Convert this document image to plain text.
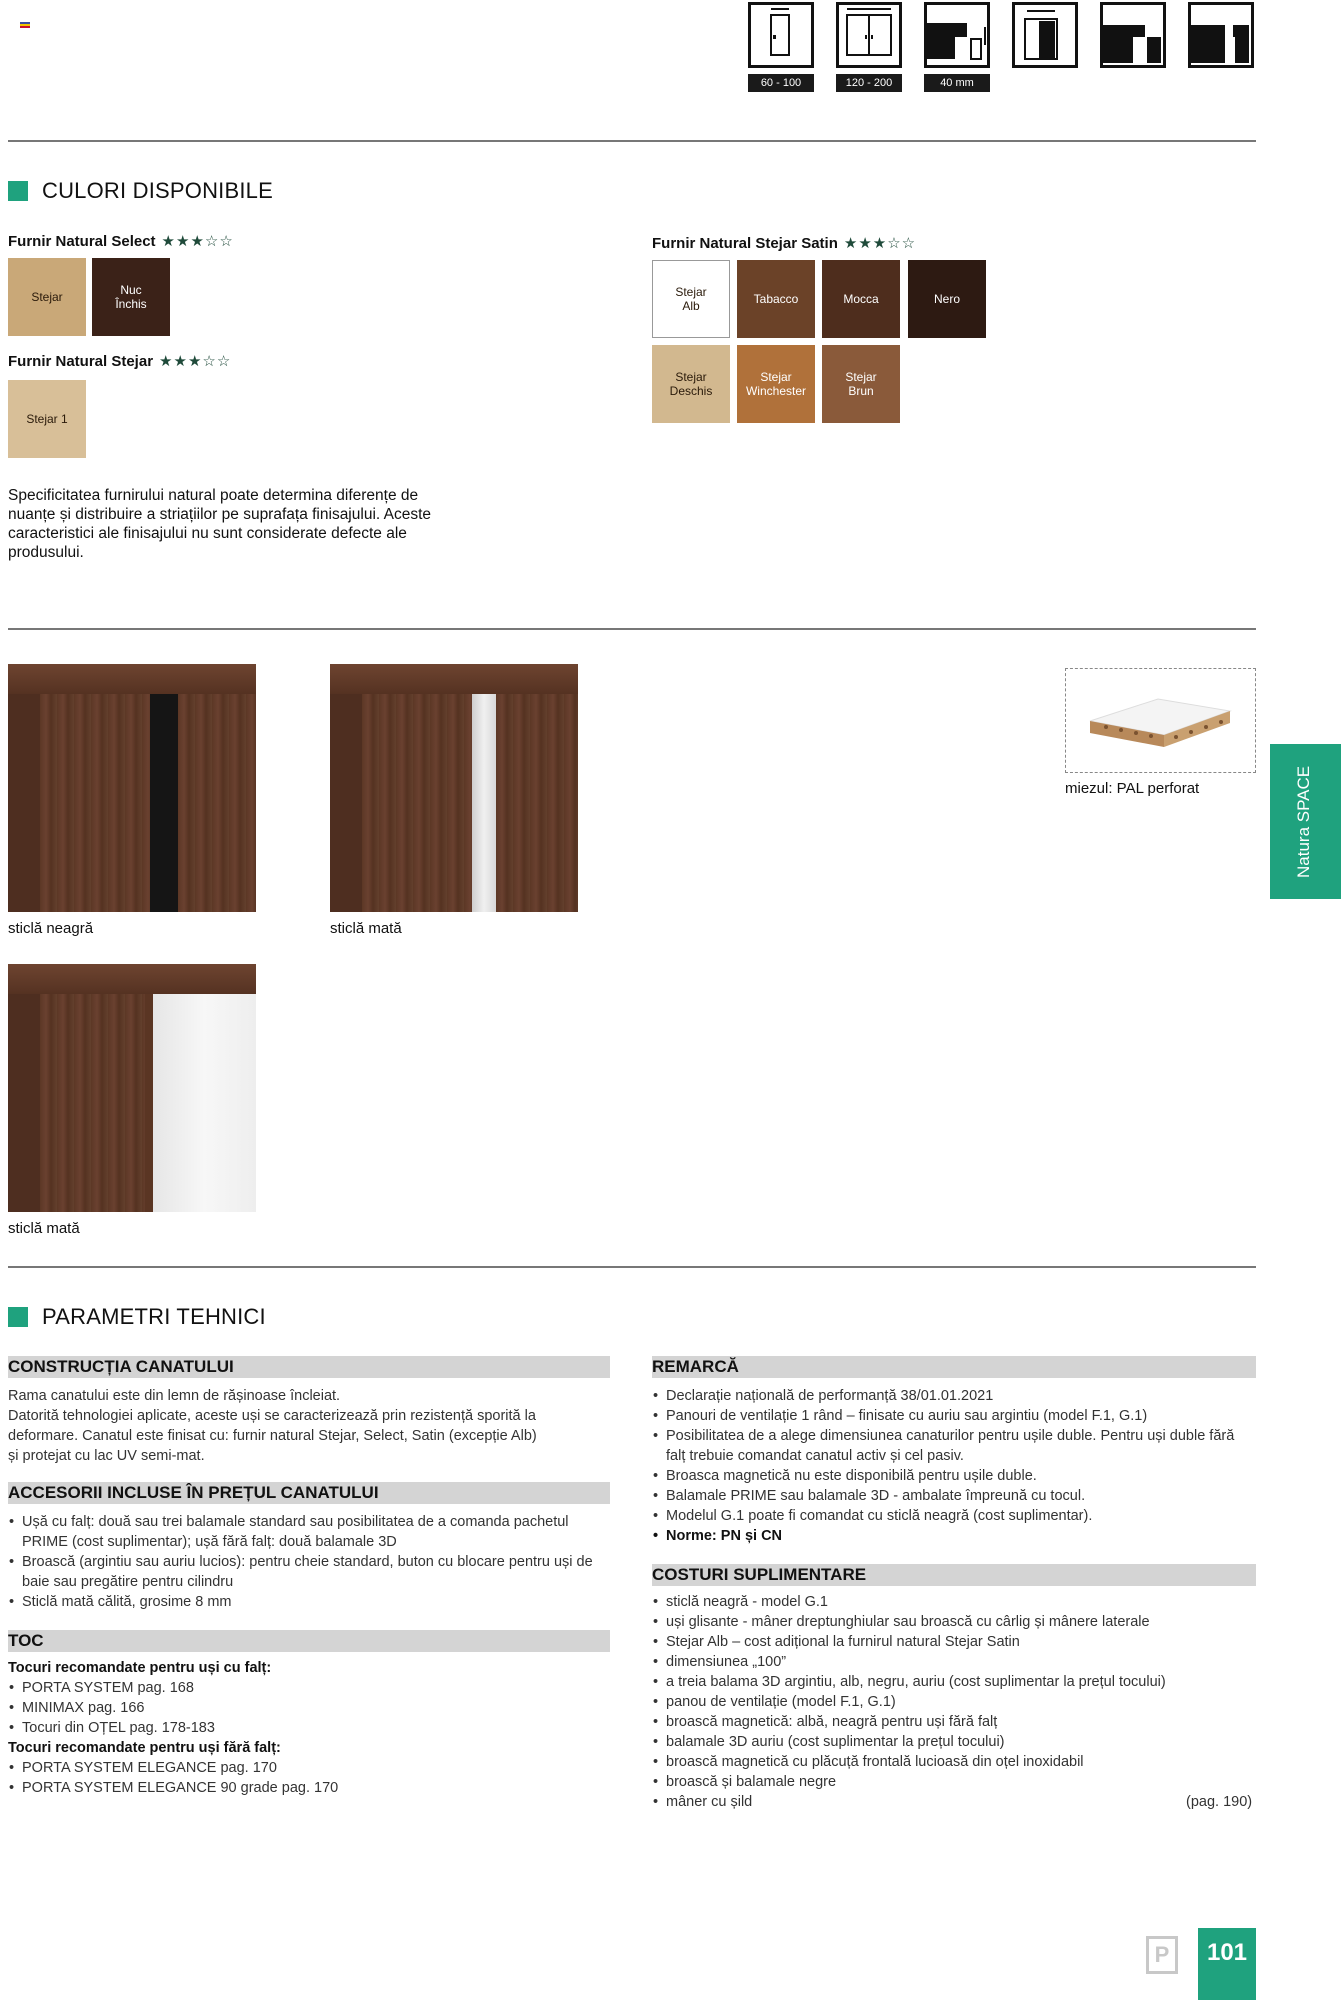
60 - 100	120 - 200	40 mm
CULORI DISPONIBILE
Furnir Natural Select ★★★☆☆
Stejar	Nuc
Închis
Furnir Natural Stejar ★★★☆☆
Stejar 1
Furnir Natural Stejar Satin ★★★☆☆
Stejar
Alb	Tabacco	Mocca	Nero
Stejar
Deschis
Stejar
Winchester
Stejar
Brun
Specificitatea furnirului natural poate determina diferențe de nuanțe și distribuire a striațiilor pe suprafața finisajului. Aceste caracteristici ale finisajului nu sunt considerate defecte ale produsului.
sticlă neagră	sticlă mată
sticlă mată
miezul: PAL perforat	Natura SPACE
PARAMETRI TEHNICI
CONSTRUCȚIA CANATULUI
Rama canatului este din lemn de rășinoase încleiat.
Datorită tehnologiei aplicate, aceste uși se caracterizează prin rezistență sporită la
deformare. Canatul este finisat cu: furnir natural Stejar, Select, Satin (excepție Alb)
și protejat cu lac UV semi-mat.
ACCESORII INCLUSE ÎN PREȚUL CANATULUI
• Ușă cu falț: două sau trei balamale standard sau posibilitatea de a comanda pachetul PRIME (cost suplimentar); ușă fără falț: două balamale 3D
• Broască (argintiu sau auriu lucios): pentru cheie standard, buton cu blocare pentru uși de baie sau pregătire pentru cilindru
• Sticlă mată călită, grosime 8 mm
TOC
Tocuri recomandate pentru uși cu falț:
• PORTA SYSTEM pag. 168
• MINIMAX pag. 166
• Tocuri din OȚEL pag. 178-183
Tocuri recomandate pentru uși fără falț:
• PORTA SYSTEM ELEGANCE pag. 170
• PORTA SYSTEM ELEGANCE 90 grade pag. 170
REMARCĂ
• Declarație națională de performanță 38/01.01.2021
• Panouri de ventilație 1 rând – finisate cu auriu sau argintiu (model F.1, G.1)
• Posibilitatea de a alege dimensiunea canaturilor pentru ușile duble. Pentru uși duble fără falț trebuie comandat canatul activ și cel pasiv.
• Broasca magnetică nu este disponibilă pentru ușile duble.
• Balamale PRIME sau balamale 3D - ambalate împreună cu tocul.
• Modelul G.1 poate fi comandat cu sticlă neagră (cost suplimentar).
• Norme: PN și CN
COSTURI SUPLIMENTARE
• sticlă neagră - model G.1
• uși glisante - mâner dreptunghiular sau broască cu cârlig și mânere laterale
• Stejar Alb – cost adițional la furnirul natural Stejar Satin
• dimensiunea „100”
• a treia balama 3D argintiu, alb, negru, auriu (cost suplimentar la prețul tocului)
• panou de ventilație (model F.1, G.1)
• broască magnetică: albă, neagră pentru uși fără falț
• balamale 3D auriu (cost suplimentar la prețul tocului)
• broască magnetică cu plăcuță frontală lucioasă din oțel inoxidabil
• broască și balamale negre
• mâner cu șild	(pag. 190)
P	101
